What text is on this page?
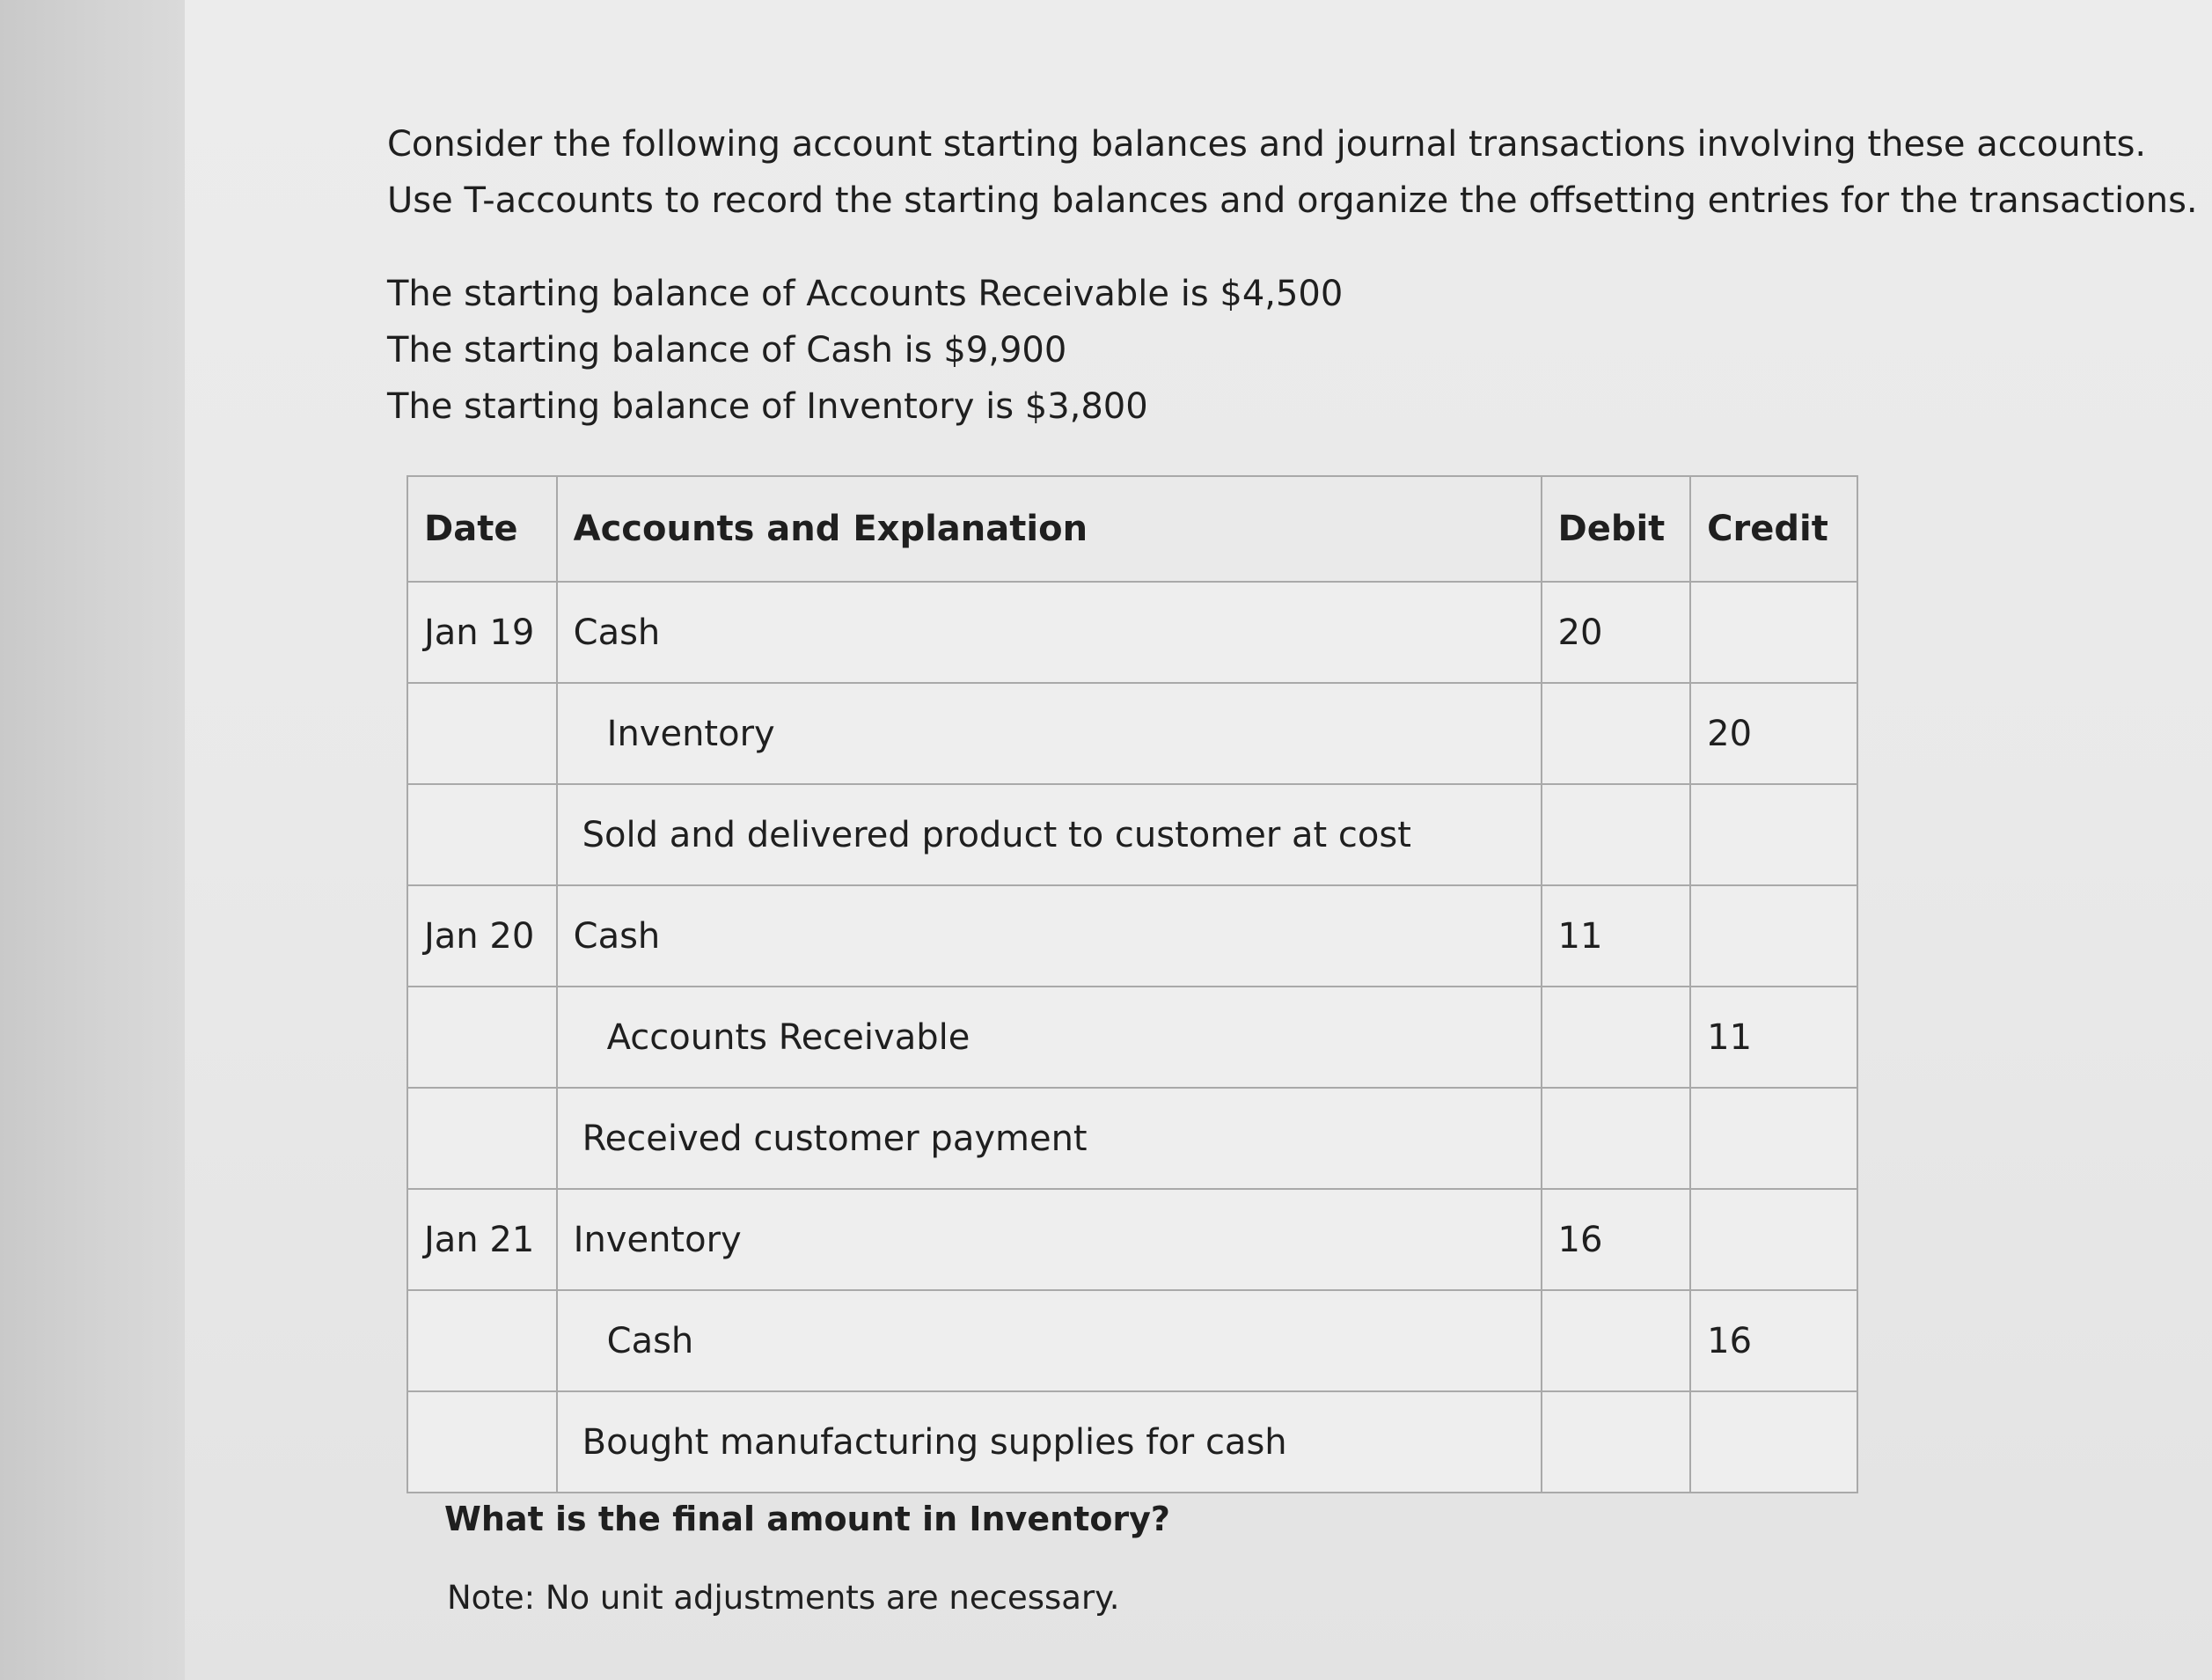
Consider the following account starting balances and journal transactions involving these accounts.
Use T-accounts to record the starting balances and organize the offsetting entries for the transactions.
The starting balance of Accounts Receivable is $4,500
The starting balance of Cash is $9,900
The starting balance of Inventory is $3,800
Date	Accounts and Explanation	Debit	Credit
Jan 19	Cash	20	
	Inventory		20
	Sold and delivered product to customer at cost		
Jan 20	Cash	11	
	Accounts Receivable		11
	Received customer payment		
Jan 21	Inventory	16	
	Cash		16
	Bought manufacturing supplies for cash		
What is the final amount in Inventory?
Note: No unit adjustments are necessary.
